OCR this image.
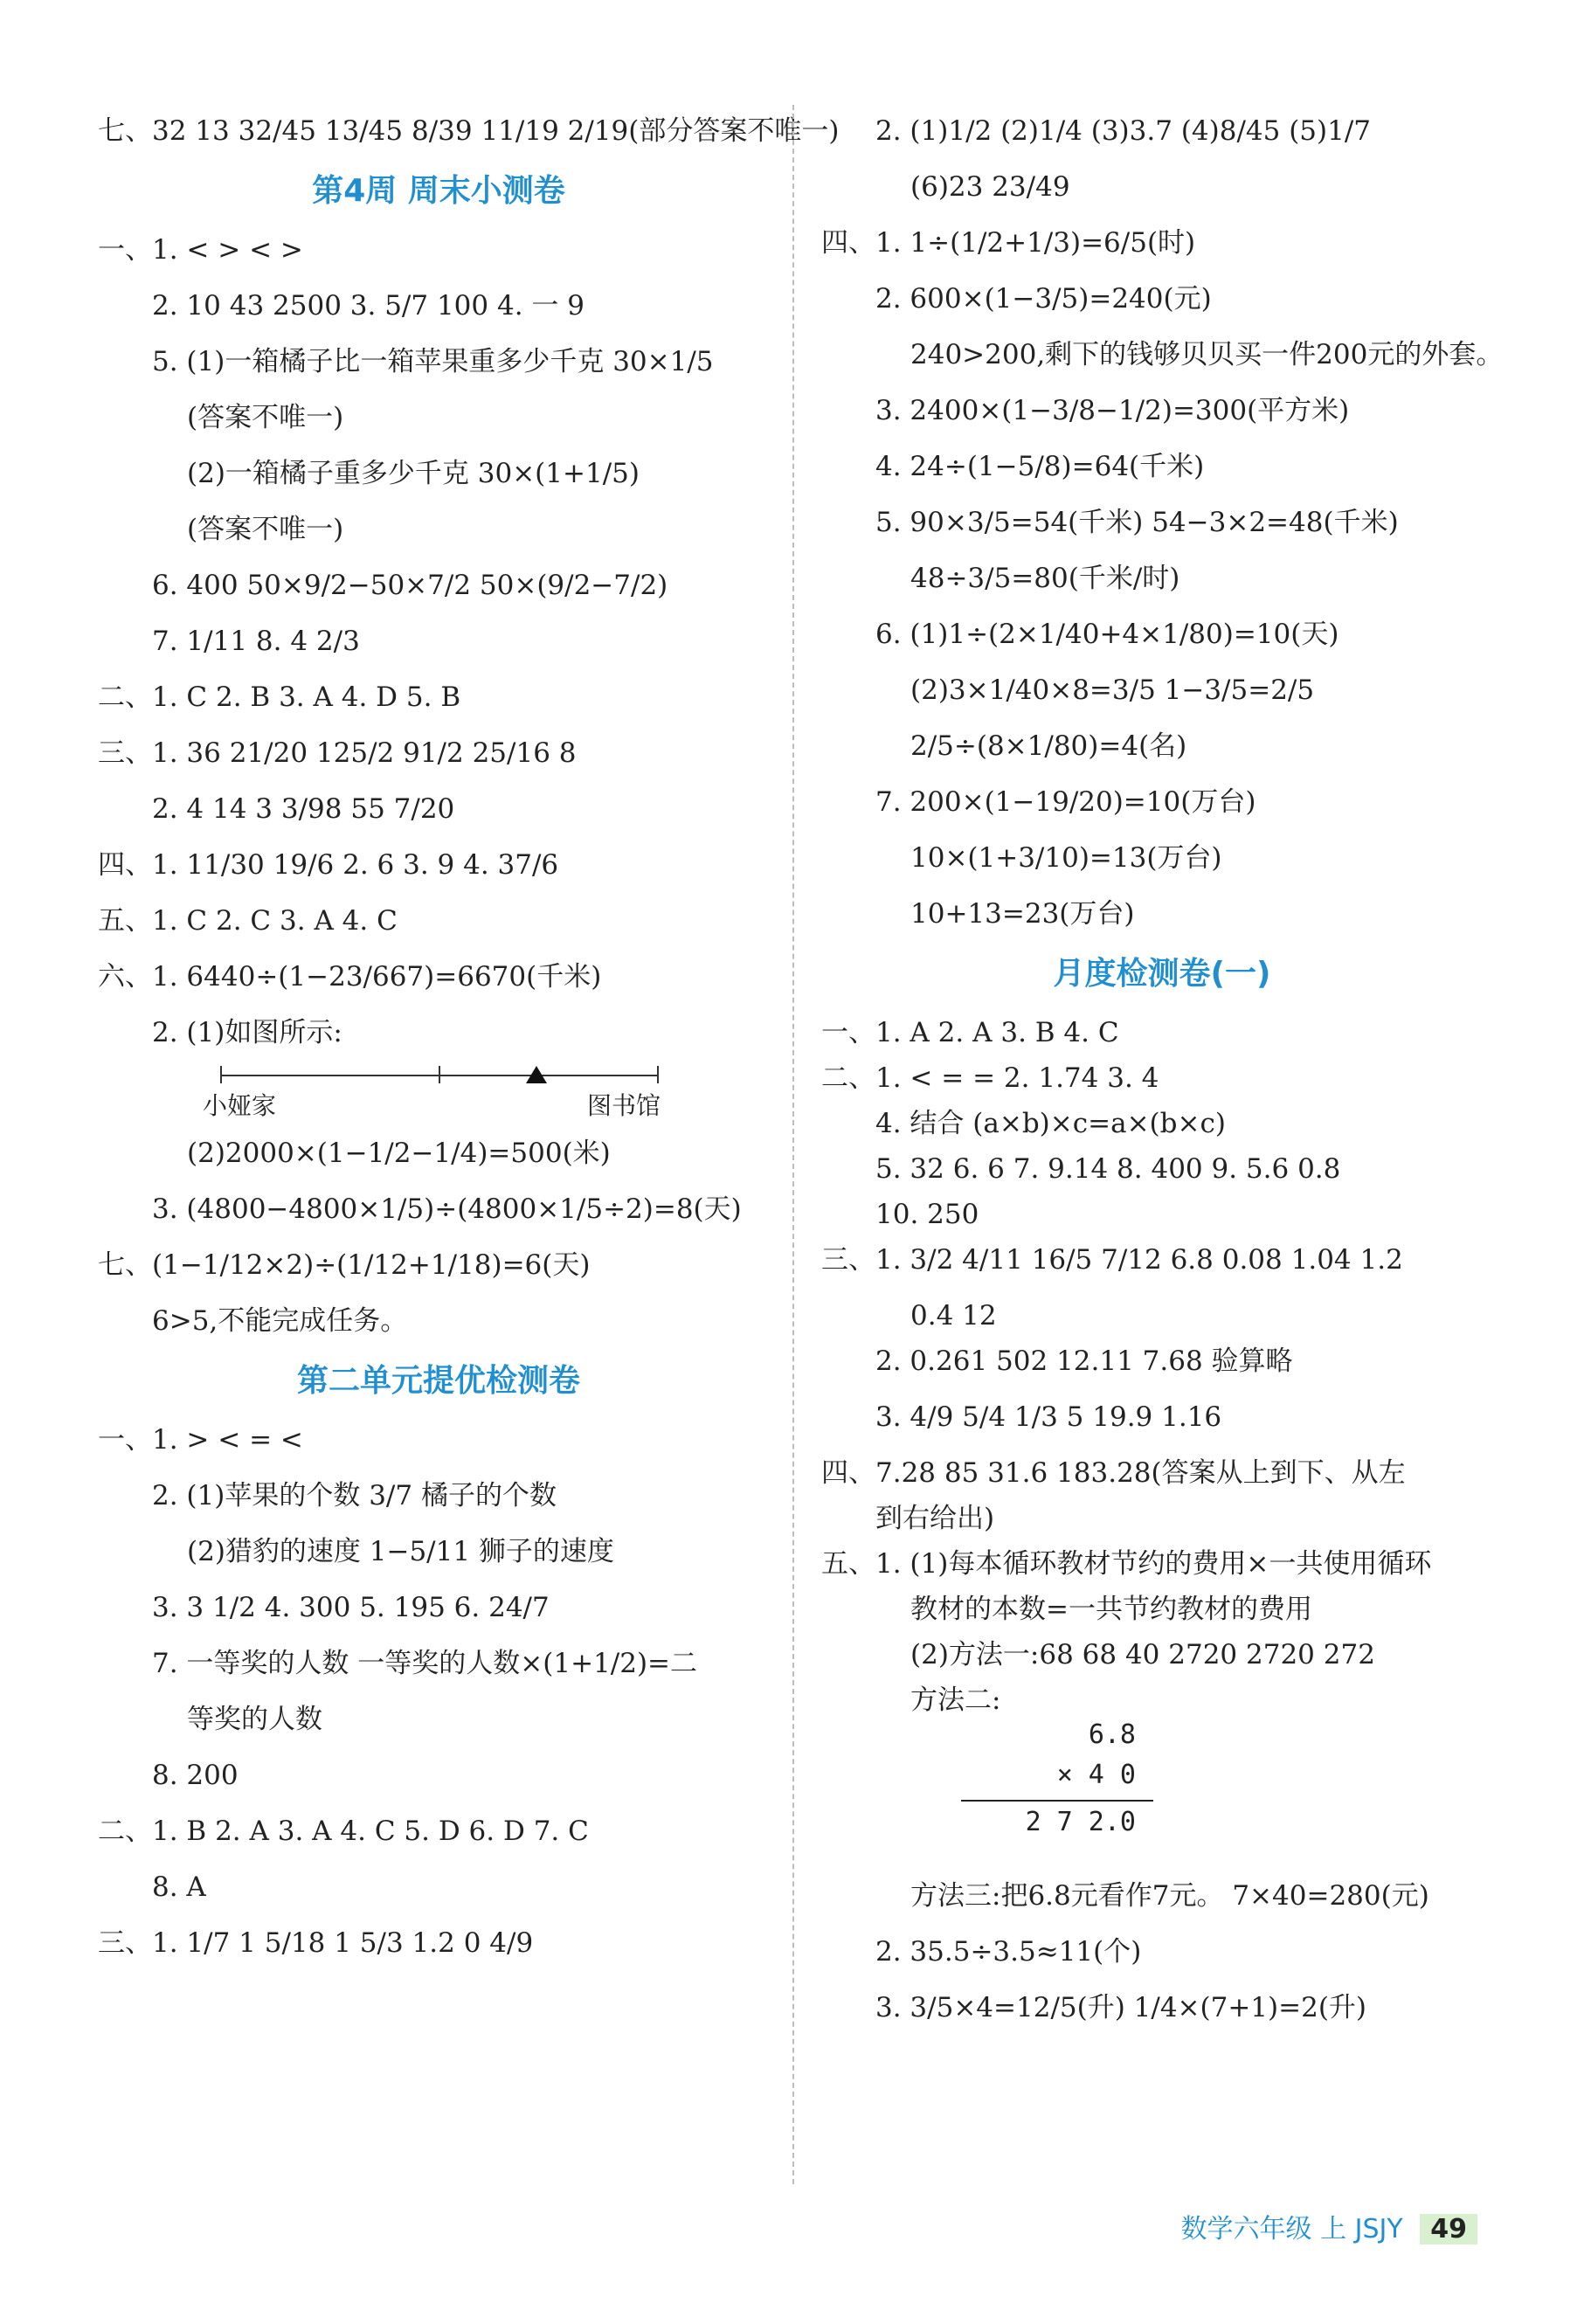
七、32 13 32/45 13/45 8/39 11/19 2/19(部分答案不唯一)
第4周 周末小测卷
一、1. < > < >
2. 10 43 2500 3. 5/7 100 4. 一 9
5. (1)一箱橘子比一箱苹果重多少千克 30×1/5
(答案不唯一)
(2)一箱橘子重多少千克 30×(1+1/5)
(答案不唯一)
6. 400 50×9/2−50×7/2 50×(9/2−7/2)
7. 1/11 8. 4 2/3
二、1. C 2. B 3. A 4. D 5. B
三、1. 36 21/20 125/2 91/2 25/16 8
2. 4 14 3 3/98 55 7/20
四、1. 11/30 19/6 2. 6 3. 9 4. 37/6
五、1. C 2. C 3. A 4. C
六、1. 6440÷(1−23/667)=6670(千米)
2. (1)如图所示:
小娅家	图书馆
(2)2000×(1−1/2−1/4)=500(米)
3. (4800−4800×1/5)÷(4800×1/5÷2)=8(天)
七、(1−1/12×2)÷(1/12+1/18)=6(天)
6>5,不能完成任务。
第二单元提优检测卷
一、1. > < = <
2. (1)苹果的个数 3/7 橘子的个数
(2)猎豹的速度 1−5/11 狮子的速度
3. 3 1/2 4. 300 5. 195 6. 24/7
7. 一等奖的人数 一等奖的人数×(1+1/2)=二
等奖的人数
8. 200
二、1. B 2. A 3. A 4. C 5. D 6. D 7. C
8. A
三、1. 1/7 1 5/18 1 5/3 1.2 0 4/9
2. (1)1/2 (2)1/4 (3)3.7 (4)8/45 (5)1/7
(6)23 23/49
四、1. 1÷(1/2+1/3)=6/5(时)
2. 600×(1−3/5)=240(元)
240>200,剩下的钱够贝贝买一件200元的外套。
3. 2400×(1−3/8−1/2)=300(平方米)
4. 24÷(1−5/8)=64(千米)
5. 90×3/5=54(千米) 54−3×2=48(千米)
48÷3/5=80(千米/时)
6. (1)1÷(2×1/40+4×1/80)=10(天)
(2)3×1/40×8=3/5 1−3/5=2/5
2/5÷(8×1/80)=4(名)
7. 200×(1−19/20)=10(万台)
10×(1+3/10)=13(万台)
10+13=23(万台)
月度检测卷(一)
一、1. A 2. A 3. B 4. C
二、1. < = = 2. 1.74 3. 4
4. 结合 (a×b)×c=a×(b×c)
5. 32 6. 6 7. 9.14 8. 400 9. 5.6 0.8
10. 250
三、1. 3/2 4/11 16/5 7/12 6.8 0.08 1.04 1.2
0.4 12
2. 0.261 502 12.11 7.68 验算略
3. 4/9 5/4 1/3 5 19.9 1.16
四、7.28 85 31.6 183.28(答案从上到下、从左
到右给出)
五、1. (1)每本循环教材节约的费用×一共使用循环
教材的本数=一共节约教材的费用
(2)方法一:68 68 40 2720 2720 272
方法二:
6.8
× 4 0
2 7 2.0
方法三:把6.8元看作7元。 7×40=280(元)
2. 35.5÷3.5≈11(个)
3. 3/5×4=12/5(升) 1/4×(7+1)=2(升)
数学六年级 上 JSJY 49
